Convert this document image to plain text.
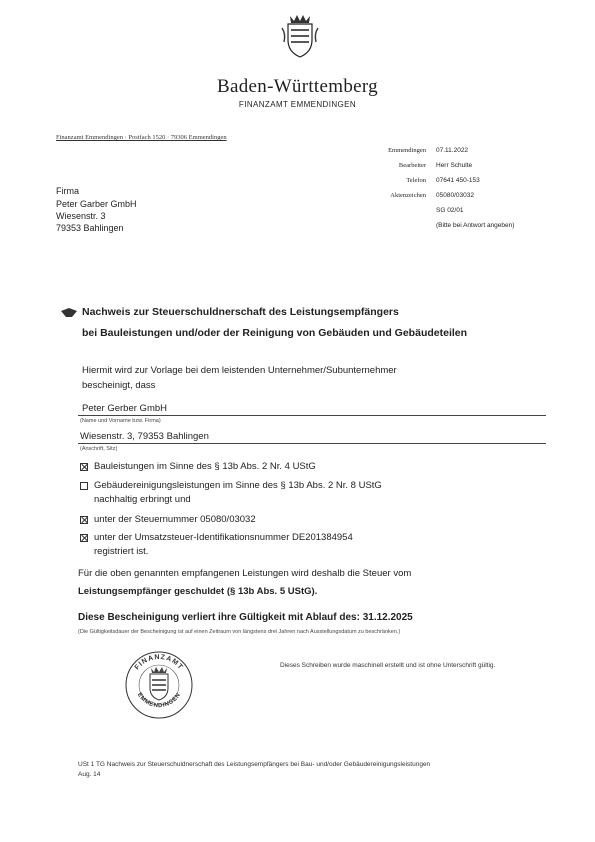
Baden-Württemberg
FINANZAMT EMMENDINGEN
Finanzamt Emmendingen · Postfach 1520 · 79306 Emmendingen
Emmendingen 07.11.2022
Bearbeiter Herr Schulte
Telefon 07641 450-153
Aktenzeichen 05080/03032
SG 02/01
(Bitte bei Antwort angeben)
Firma
Peter Garber GmbH
Wiesenstr. 3
79353 Bahlingen
Nachweis zur Steuerschuldnerschaft des Leistungsempfängers
bei Bauleistungen und/oder der Reinigung von Gebäuden und Gebäudeteilen
Hiermit wird zur Vorlage bei dem leistenden Unternehmer/Subunternehmer
bescheinigt, dass
Peter Gerber GmbH
(Name und Vorname bzw. Firma)
Wiesenstr. 3, 79353 Bahlingen
(Anschrift, Sitz)
Bauleistungen im Sinne des § 13b Abs. 2 Nr. 4 UStG
Gebäudereinigungsleistungen im Sinne des § 13b Abs. 2 Nr. 8 UStG
nachhaltig erbringt und
unter der Steuernummer 05080/03032
unter der Umsatzsteuer-Identifikationsnummer DE201384954
registriert ist.
Für die oben genannten empfangenen Leistungen wird deshalb die Steuer vom
Leistungsempfänger geschuldet (§ 13b Abs. 5 UStG).
Diese Bescheinigung verliert ihre Gültigkeit mit Ablauf des: 31.12.2025
(Die Gültigkeitsdauer der Bescheinigung ist auf einen Zeitraum von längstens drei Jahren nach Ausstellungsdatum zu beschränken.)
FINANZAMT
EMMENDINGEN
Dieses Schreiben wurde maschinell erstellt und ist ohne Unterschrift gültig.
USt 1 TG Nachweis zur Steuerschuldnerschaft des Leistungsempfängers bei Bau- und/oder Gebäudereinigungsleistungen
Aug. 14
